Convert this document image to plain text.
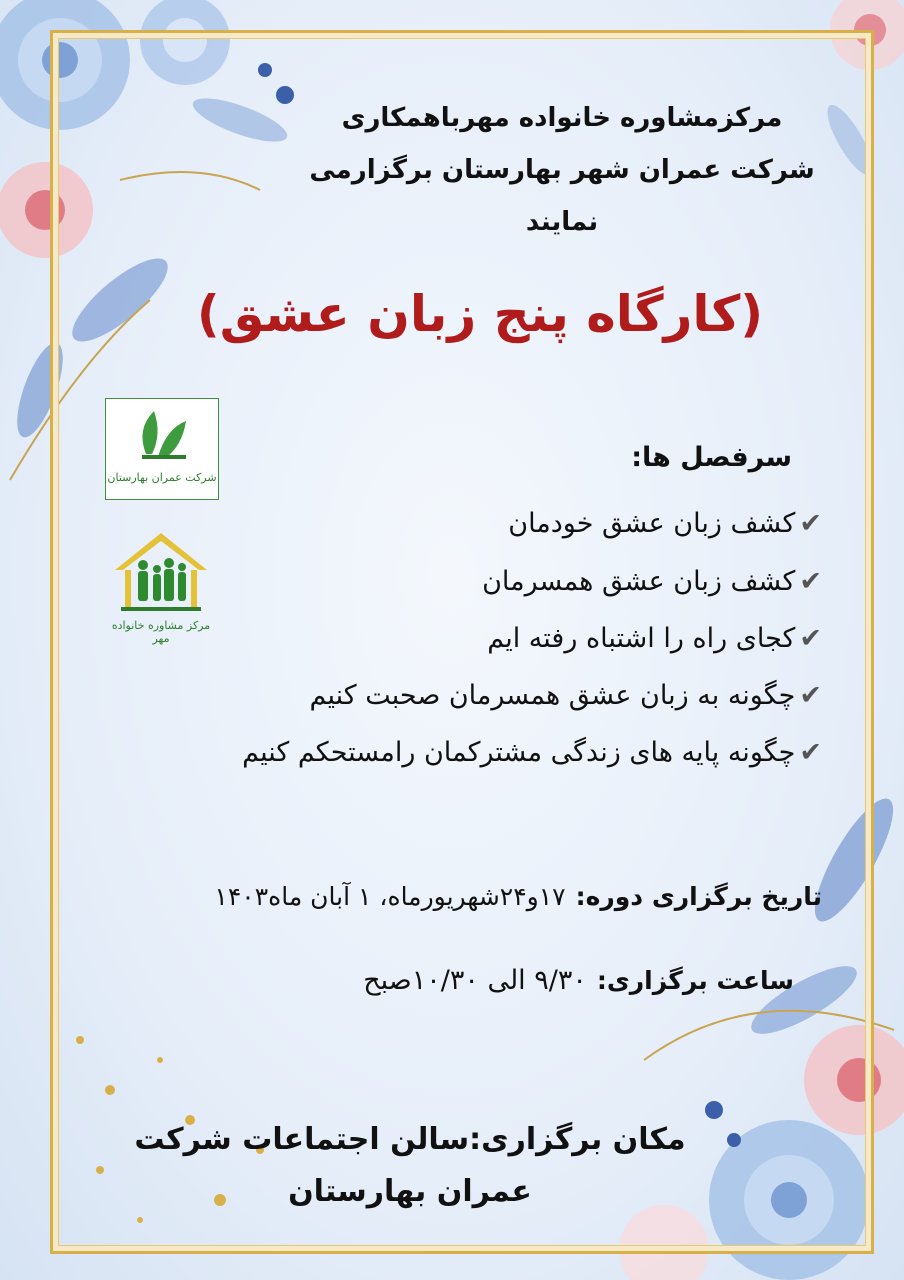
مرکزمشاوره خانواده مهرباهمکاری
شرکت عمران شهر بهارستان برگزارمی
نمایند
(کارگاه پنج زبان عشق)
شرکت عمران بهارستان
مرکز مشاوره خانواده مهر
سرفصل ها:
✔کشف زبان عشق خودمان
✔کشف زبان عشق همسرمان
✔کجای راه را اشتباه رفته ایم
✔چگونه به زبان عشق همسرمان صحبت کنیم
✔چگونه پایه های زندگی مشترکمان رامستحکم کنیم
تاریخ برگزاری دوره:۱۷و۲۴شهریورماه، ۱ آبان ماه۱۴۰۳
ساعت برگزاری:۹/۳۰ الی ۱۰/۳۰صبح
مکان برگزاری:سالن اجتماعات شرکت
عمران بهارستان
